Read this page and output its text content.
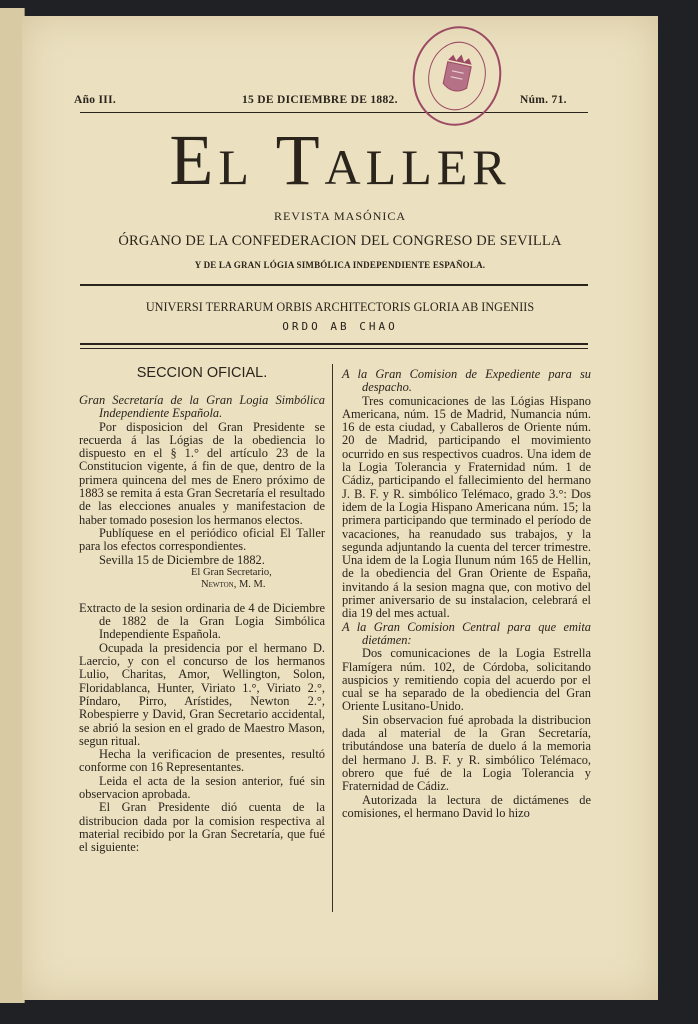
Año III.	15 DE DICIEMBRE DE 1882.	Núm. 71.
El Taller
REVISTA MASÓNICA
ÓRGANO DE LA CONFEDERACION DEL CONGRESO DE SEVILLA
Y DE LA GRAN LÓGIA SIMBÓLICA INDEPENDIENTE ESPAÑOLA.
UNIVERSI TERRARUM ORBIS ARCHITECTORIS GLORIA AB INGENIIS
ORDO AB CHAO

SECCION OFICIAL.

Gran Secretaría de la Gran Logia Simbólica Independiente Española.

Por disposicion del Gran Presidente se recuerda á las Lógias de la obediencia lo dispuesto en el § 1.° del artículo 23 de la Constitucion vigente, á fin de que, dentro de la primera quincena del mes de Enero próximo de 1883 se remita á esta Gran Secretaría el resultado de las elecciones anuales y manifestacion de haber tomado posesion los hermanos electos.

Publíquese en el periódico oficial El Taller para los efectos correspondientes.

Sevilla 15 de Diciembre de 1882.

El Gran Secretario,

Newton, M. M.

Extracto de la sesion ordinaria de 4 de Diciembre de 1882 de la Gran Logia Simbólica Independiente Española.

Ocupada la presidencia por el hermano D. Laercio, y con el concurso de los hermanos Lulio, Charitas, Amor, Wellington, Solon, Floridablanca, Hunter, Viriato 1.°, Viriato 2.°, Píndaro, Pirro, Arístides, Newton 2.°, Robespierre y David, Gran Secretario accidental, se abrió la sesion en el grado de Maestro Mason, segun ritual.

Hecha la verificacion de presentes, resultó conforme con 16 Representantes.

Leida el acta de la sesion anterior, fué sin observacion aprobada.

El Gran Presidente dió cuenta de la distribucion dada por la comision respectiva al material recibido por la Gran Secretaría, que fué el siguiente:

A la Gran Comision de Expediente para su despacho.

Tres comunicaciones de las Lógias Hispano Americana, núm. 15 de Madrid, Numancia núm. 16 de esta ciudad, y Caballeros de Oriente núm. 20 de Madrid, participando el movimiento ocurrido en sus respectivos cuadros. Una idem de la Logia Tolerancia y Fraternidad núm. 1 de Cádiz, participando el fallecimiento del hermano J. B. F. y R. simbólico Telémaco, grado 3.°: Dos idem de la Logia Hispano Americana núm. 15; la primera participando que terminado el período de vacaciones, ha reanudado sus trabajos, y la segunda adjuntando la cuenta del tercer trimestre. Una idem de la Logia Ilunum núm 165 de Hellin, de la obediencia del Gran Oriente de España, invitando á la sesion magna que, con motivo del primer aniversario de su instalacion, celebrará el dia 19 del mes actual.

A la Gran Comision Central para que emita dietámen:

Dos comunicaciones de la Logia Estrella Flamígera núm. 102, de Córdoba, solicitando auspicios y remitiendo copia del acuerdo por el cual se ha separado de la obediencia del Gran Oriente Lusitano-Unido.

Sin observacion fué aprobada la distribucion dada al material de la Gran Secretaría, tributándose una batería de duelo á la memoria del hermano J. B. F. y R. simbólico Telémaco, obrero que fué de la Logia Tolerancia y Fraternidad de Cádiz.

Autorizada la lectura de dictámenes de comisiones, el hermano David lo hizo
